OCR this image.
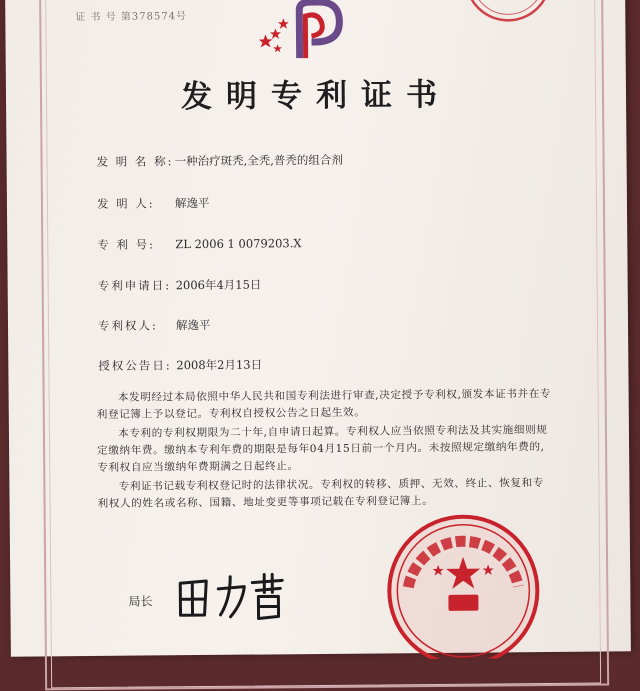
证 书 号 第378574号
发明专利证书
发 明 名 称:一种治疗斑秃,全秃,普秃的组合剂
发 明 人: 解逸平
专 利 号: ZL 2006 1 0079203.X
专利申请日: 2006年4月15日
专利权人: 解逸平
授权公告日: 2008年2月13日

本发明经过本局依照中华人民共和国专利法进行审查,决定授予专利权,颁发本证书并在专利登记簿上予以登记。专利权自授权公告之日起生效。

本专利的专利权期限为二十年,自申请日起算。专利权人应当依照专利法及其实施细则规定缴纳年费。缴纳本专利年费的期限是每年04月15日前一个月内。未按照规定缴纳年费的,专利权自应当缴纳年费期满之日起终止。

专利证书记载专利权登记时的法律状况。专利权的转移、质押、无效、终止、恢复和专利权人的姓名或名称、国籍、地址变更等事项记载在专利登记簿上。

局长
